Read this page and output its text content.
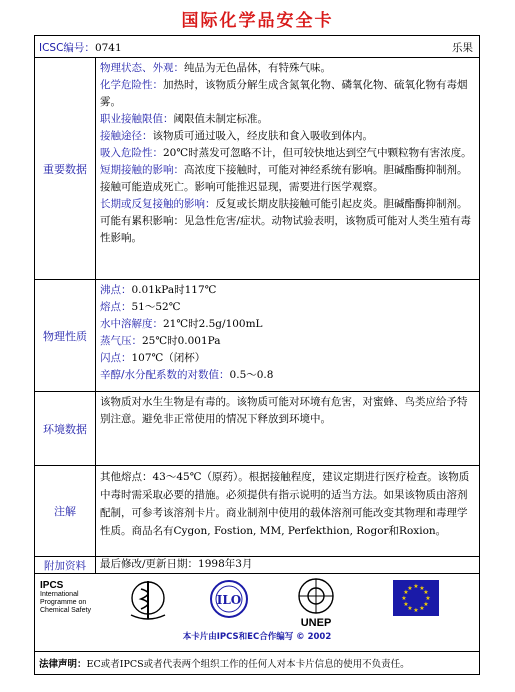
国际化学品安全卡
ICSC编号：0741	乐果
重要数据

物理状态、外观：纯品为无色晶体，有特殊气味。

化学危险性：加热时，该物质分解生成含氮氧化物、磷氧化物、硫氧化物有毒烟雾。

职业接触限值：阈限值未制定标准。

接触途径：该物质可通过吸入，经皮肤和食入吸收到体内。

吸入危险性：20℃时蒸发可忽略不计，但可较快地达到空气中颗粒物有害浓度。

短期接触的影响：高浓度下接触时，可能对神经系统有影响。胆碱酯酶抑制剂。接触可能造成死亡。影响可能推迟显现，需要进行医学观察。

长期或反复接触的影响：反复或长期皮肤接触可能引起皮炎。胆碱酯酶抑制剂。可能有累积影响：见急性危害/症状。动物试验表明，该物质可能对人类生殖有毒性影响。

物理性质

沸点：0.01kPa时117℃

熔点：51～52℃

水中溶解度：21℃时2.5g/100mL

蒸气压：25℃时0.001Pa

闪点：107℃（闭杯）

辛醇/水分配系数的对数值：0.5～0.8

环境数据

该物质对水生生物是有毒的。该物质可能对环境有危害，对蜜蜂、鸟类应给予特别注意。避免非正常使用的情况下释放到环境中。

注解

其他熔点：43～45℃（原药）。根据接触程度，建议定期进行医疗检查。该物质中毒时需采取必要的措施。必须提供有指示说明的适当方法。如果该物质由溶剂配制，可参考该溶剂卡片。商业制剂中使用的载体溶剂可能改变其物理和毒理学性质。商品名有Cygon, Fostion, MM, Perfekthion, Rogor和Roxion。

附加资料	最后修改/更新日期：1998年3月

IPCS
International
Programme on
Chemical Safety
ILO
UNEP
★ ★
★
★
★
★
★
★
★
★
★
★
本卡片由IPCS和EC合作编写 © 2002
法律声明：EC或者IPCS或者代表两个组织工作的任何人对本卡片信息的使用不负责任。
